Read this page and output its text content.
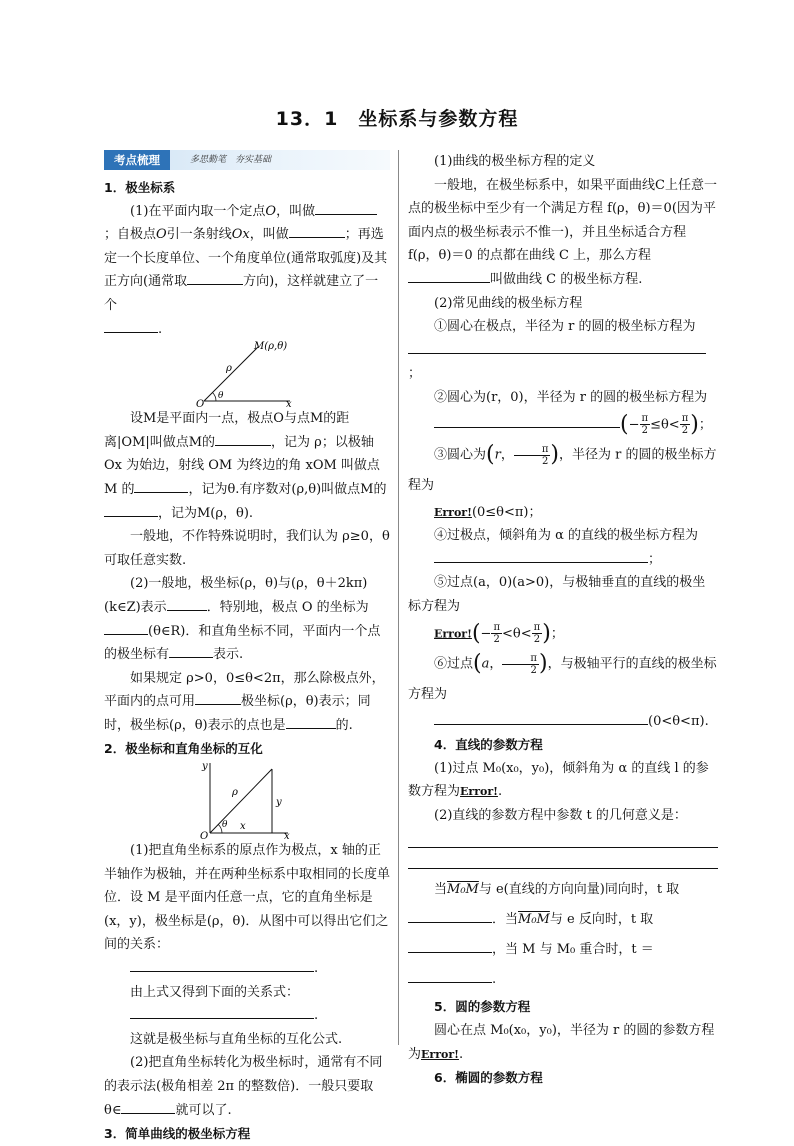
13．1　坐标系与参数方程
考点梳理	多思勤笔　夯实基础

1．极坐标系

(1)在平面内取一个定点O，叫做；自极点O引一条射线Ox，叫做	；再选定一个长度单位、一个角度单位(通常取弧度)及其正方向(通常取	方向)，这样就建立了一个
.

M(ρ,θ)
ρ
θ
O	x

设M是平面内一点，极点O与点M的距离|OM|叫做点M的	，记为 ρ；以极轴 Ox 为始边，射线 OM 为终边的角 xOM 叫做点 M 的	，记为θ.有序数对(ρ,θ)叫做点M的，记为M(ρ，θ).

一般地，不作特殊说明时，我们认为 ρ≥0，θ可取任意实数.

(2)一般地，极坐标(ρ，θ)与(ρ，θ＋2kπ)(k∈Z)表示	．特别地，极点 O 的坐标为(θ∈R)．和直角坐标不同，平面内一个点的极坐标有	表示.

如果规定 ρ>0，0≤θ<2π，那么除极点外，平面内的点可用	极坐标(ρ，θ)表示；同时，极坐标(ρ，θ)表示的点也是	的.

2．极坐标和直角坐标的互化

y
ρ
θ
O	x
y
x

(1)把直角坐标系的原点作为极点，x 轴的正半轴作为极轴，并在两种坐标系中取相同的长度单位．设 M 是平面内任意一点，它的直角坐标是(x，y)，极坐标是(ρ，θ)．从图中可以得出它们之间的关系：

.

由上式又得到下面的关系式：

.

这就是极坐标与直角坐标的互化公式.

(2)把直角坐标转化为极坐标时，通常有不同的表示法(极角相差 2π 的整数倍)．一般只要取θ∈	就可以了.

3．简单曲线的极坐标方程

(1)曲线的极坐标方程的定义

一般地，在极坐标系中，如果平面曲线C上任意一点的极坐标中至少有一个满足方程 f(ρ，θ)＝0(因为平面内点的极坐标表示不惟一)，并且坐标适合方程 f(ρ，θ)＝0 的点都在曲线 C 上，那么方程
叫做曲线 C 的极坐标方程.

(2)常见曲线的极坐标方程

①圆心在极点，半径为 r 的圆的极坐标方程为

；

②圆心为(r，0)，半径为 r 的圆的极坐标方程为

(− $\frac{\pi}{2} \le\theta< \frac{\pi}{2}$ )；

③圆心为(r， $\frac{\pi}{2}$ )，半径为 r 的圆的极坐标方程为

Error!(0≤θ<π)；

④过极点，倾斜角为 α 的直线的极坐标方程为

；

⑤过点(a，0)(a>0)，与极轴垂直的直线的极坐标方程为

Error!(− $\frac{\pi}{2} <\theta< \frac{\pi}{2}$ )；

⑥过点(a， $\frac{\pi}{2}$ )，与极轴平行的直线的极坐标方程为

(0<θ<π).

4．直线的参数方程

(1)过点 M₀(x₀，y₀)，倾斜角为 α 的直线 l 的参数方程为Error!.

(2)直线的参数方程中参数 t 的几何意义是：

当M₀M与 e(直线的方向向量)同向时，t 取
．当M₀M与 e 反向时，t 取
，当 M 与 M₀ 重合时，t ＝
.

5．圆的参数方程

圆心在点 M₀(x₀，y₀)，半径为 r 的圆的参数方程为Error!.

6．椭圆的参数方程
